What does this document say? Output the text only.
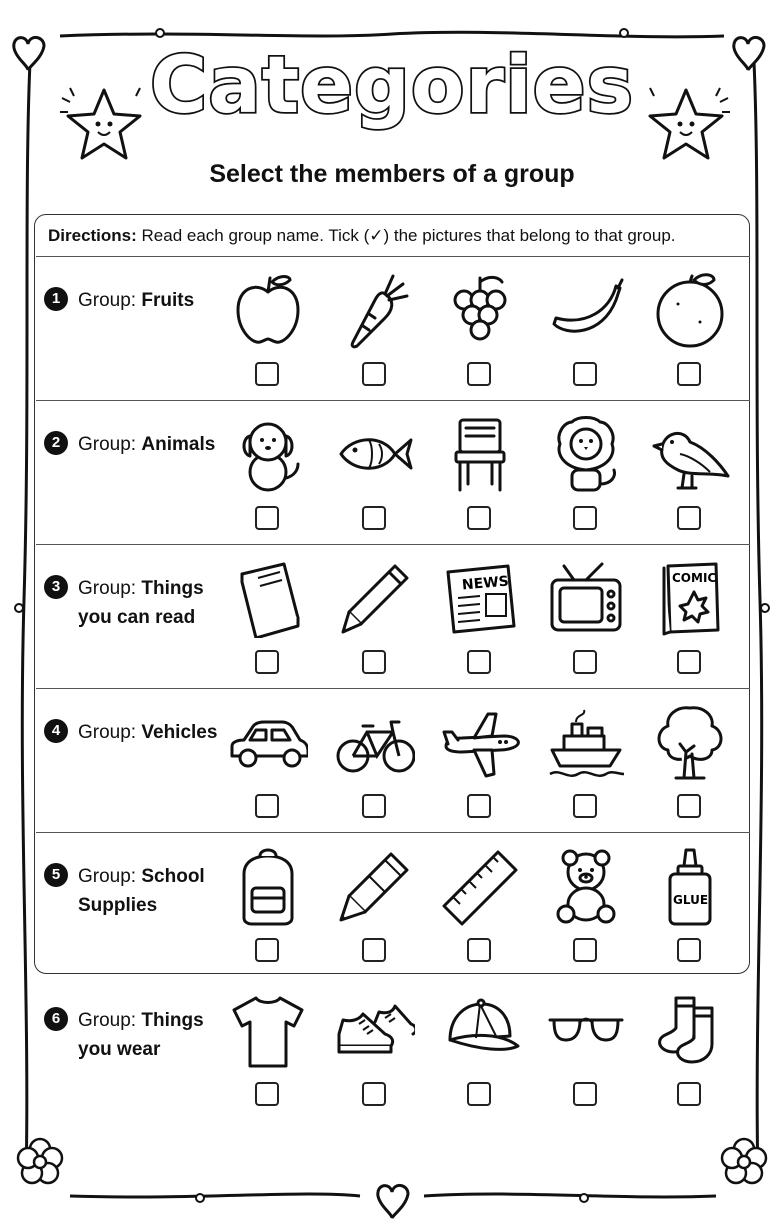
Categories
Select the members of a group
Directions: Read each group name. Tick (✓) the pictures that belong to that group.
1 Group: Fruits
2 Group: Animals
3 Group: Things
you can read
NEWS	COMIC
4 Group: Vehicles
5 Group: School
Supplies	GLUE
6 Group: Things
you wear
